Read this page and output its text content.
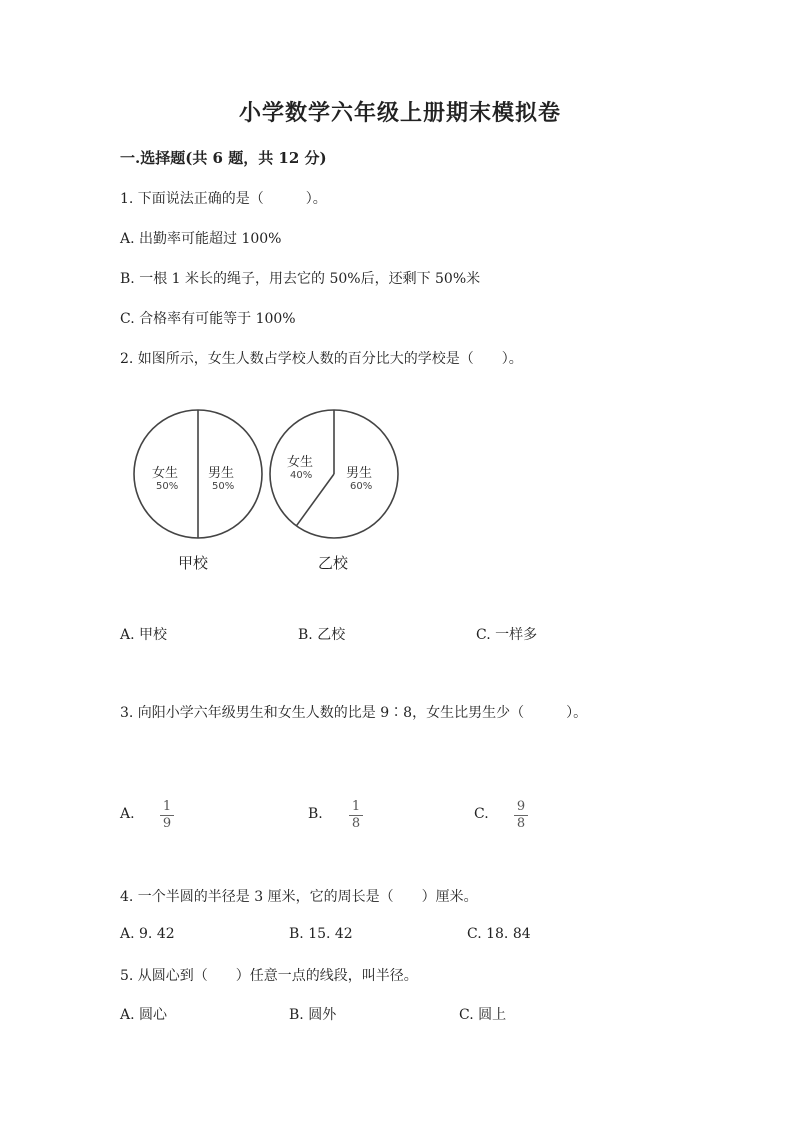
小学数学六年级上册期末模拟卷
一.选择题(共 6 题，共 12 分)
1. 下面说法正确的是（　　　）。
A. 出勤率可能超过 100%
B. 一根 1 米长的绳子，用去它的 50%后，还剩下 50%米
C. 合格率有可能等于 100%
2. 如图所示，女生人数占学校人数的百分比大的学校是（　　）。
女生
50%
男生
50%
甲校
女生
40%	男生
60%
乙校
A. 甲校	B. 乙校	C. 一样多
3. 向阳小学六年级男生和女生人数的比是 9∶8，女生比男生少（　　　）。
A.	1
9
B.	1
8
C.	9
8
4. 一个半圆的半径是 3 厘米，它的周长是（　　）厘米。
A. 9. 42	B. 15. 42	C. 18. 84
5. 从圆心到（　　）任意一点的线段，叫半径。
A. 圆心	B. 圆外	C. 圆上
